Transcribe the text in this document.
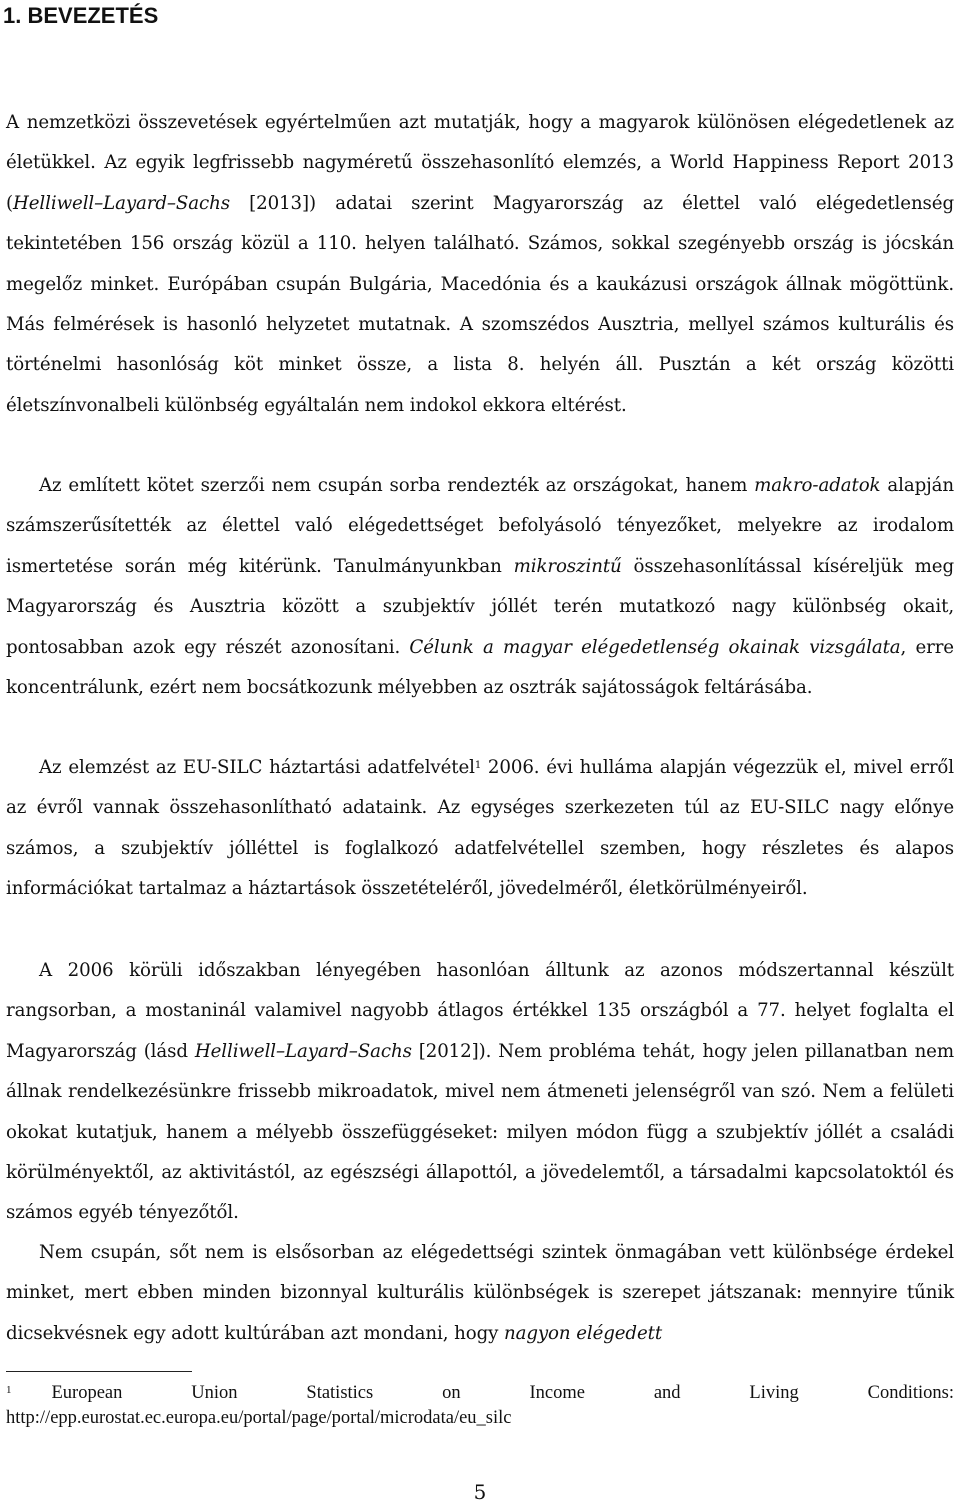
1. BEVEZETÉS

A nemzetközi összevetések egyértelműen azt mutatják, hogy a magyarok különösen elégedetlenek az életükkel. Az egyik legfrissebb nagyméretű összehasonlító elemzés, a World Happiness Report 2013 (Helliwell–Layard–Sachs [2013]) adatai szerint Magyarország az élettel való elégedetlenség tekintetében 156 ország közül a 110. helyen található. Számos, sokkal szegényebb ország is jócskán megelőz minket. Európában csupán Bulgária, Macedónia és a kaukázusi országok állnak mögöttünk. Más felmérések is hasonló helyzetet mutatnak. A szomszédos Ausztria, mellyel számos kulturális és történelmi hasonlóság köt minket össze, a lista 8. helyén áll. Pusztán a két ország közötti életszínvonalbeli különbség egyáltalán nem indokol ekkora eltérést.

Az említett kötet szerzői nem csupán sorba rendezték az országokat, hanem makro-adatok alapján számszerűsítették az élettel való elégedettséget befolyásoló tényezőket, melyekre az irodalom ismertetése során még kitérünk. Tanulmányunkban mikroszintű összehasonlítással kíséreljük meg Magyarország és Ausztria között a szubjektív jóllét terén mutatkozó nagy különbség okait, pontosabban azok egy részét azonosítani. Célunk a magyar elégedetlenség okainak vizsgálata, erre koncentrálunk, ezért nem bocsátkozunk mélyebben az osztrák sajátosságok feltárásába.

Az elemzést az EU-SILC háztartási adatfelvétel$^1$ 2006. évi hulláma alapján végezzük el, mivel erről az évről vannak összehasonlítható adataink. Az egységes szerkezeten túl az EU-SILC nagy előnye számos, a szubjektív jólléttel is foglalkozó adatfelvétellel szemben, hogy részletes és alapos információkat tartalmaz a háztartások összetételéről, jövedelméről, életkörülményeiről.

A 2006 körüli időszakban lényegében hasonlóan álltunk az azonos módszertannal készült rangsorban, a mostaninál valamivel nagyobb átlagos értékkel 135 országból a 77. helyet foglalta el Magyarország (lásd Helliwell–Layard–Sachs [2012]). Nem probléma tehát, hogy jelen pillanatban nem állnak rendelkezésünkre frissebb mikroadatok, mivel nem átmeneti jelenségről van szó. Nem a felületi okokat kutatjuk, hanem a mélyebb összefüggéseket: milyen módon függ a szubjektív jóllét a családi körülményektől, az aktivitástól, az egészségi állapottól, a jövedelemtől, a társadalmi kapcsolatoktól és számos egyéb tényezőtől.

Nem csupán, sőt nem is elsősorban az elégedettségi szintek önmagában vett különbsége érdekel minket, mert ebben minden bizonnyal kulturális különbségek is szerepet játszanak: mennyire tűnik dicsekvésnek egy adott kultúrában azt mondani, hogy nagyon elégedett

$^1$ European Union Statistics on Income and Living Conditions:
http://epp.eurostat.ec.europa.eu/portal/page/portal/microdata/eu_silc

5
